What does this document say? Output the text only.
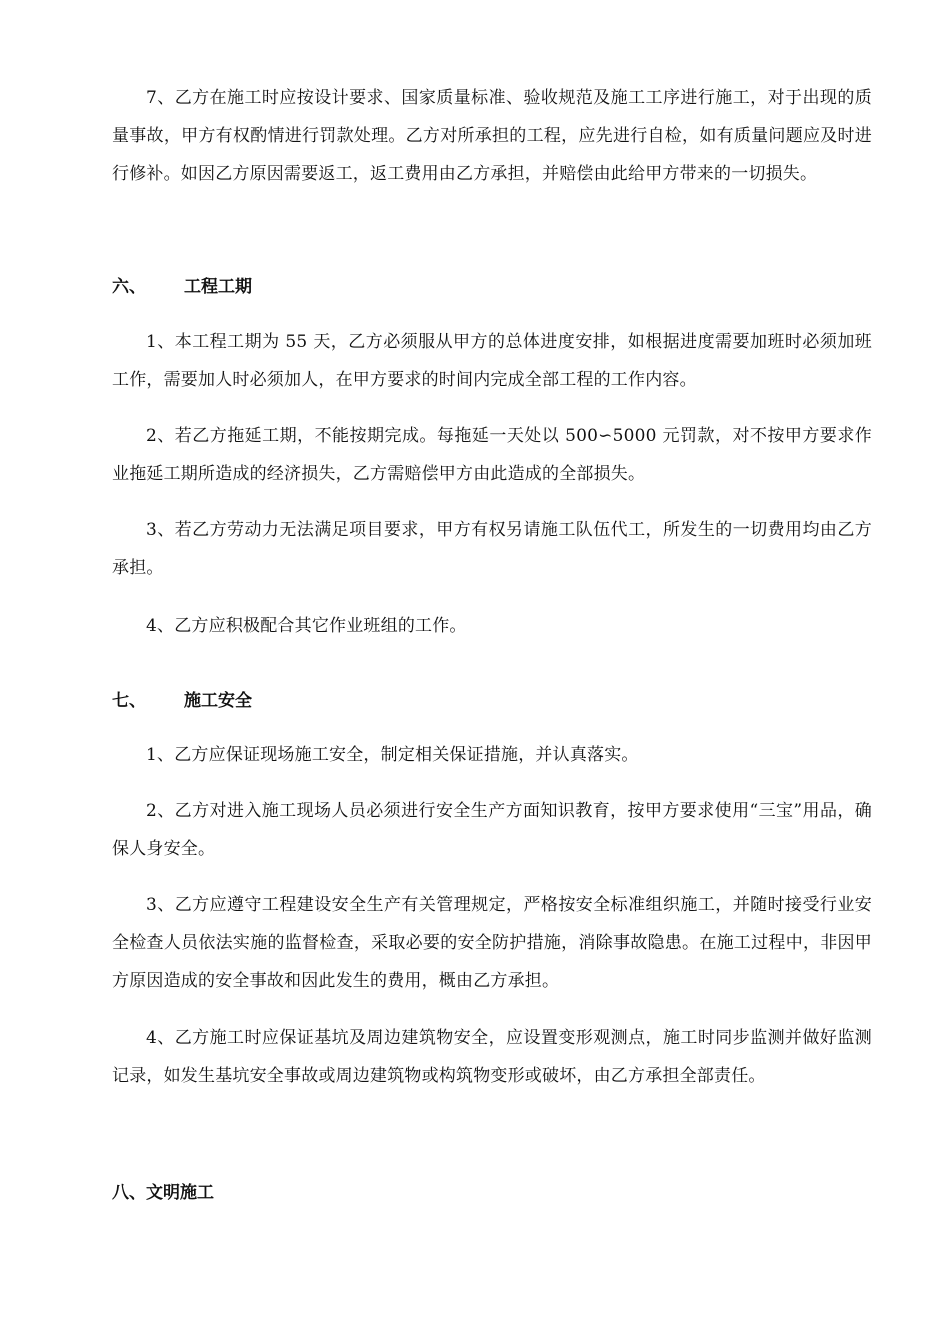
7、乙方在施工时应按设计要求、国家质量标准、验收规范及施工工序进行施工，对于出现的质量事故，甲方有权酌情进行罚款处理。乙方对所承担的工程，应先进行自检，如有质量问题应及时进行修补。如因乙方原因需要返工，返工费用由乙方承担，并赔偿由此给甲方带来的一切损失。

六、 工程工期

1、本工程工期为 55 天，乙方必须服从甲方的总体进度安排，如根据进度需要加班时必须加班工作，需要加人时必须加人，在甲方要求的时间内完成全部工程的工作内容。

2、若乙方拖延工期，不能按期完成。每拖延一天处以 500∽5000 元罚款，对不按甲方要求作业拖延工期所造成的经济损失，乙方需赔偿甲方由此造成的全部损失。

3、若乙方劳动力无法满足项目要求，甲方有权另请施工队伍代工，所发生的一切费用均由乙方承担。

4、乙方应积极配合其它作业班组的工作。

七、 施工安全

1、乙方应保证现场施工安全，制定相关保证措施，并认真落实。

2、乙方对进入施工现场人员必须进行安全生产方面知识教育，按甲方要求使用“三宝”用品，确保人身安全。

3、乙方应遵守工程建设安全生产有关管理规定，严格按安全标准组织施工，并随时接受行业安全检查人员依法实施的监督检查，采取必要的安全防护措施，消除事故隐患。在施工过程中，非因甲方原因造成的安全事故和因此发生的费用，概由乙方承担。

4、乙方施工时应保证基坑及周边建筑物安全，应设置变形观测点，施工时同步监测并做好监测记录，如发生基坑安全事故或周边建筑物或构筑物变形或破坏，由乙方承担全部责任。

八、文明施工
